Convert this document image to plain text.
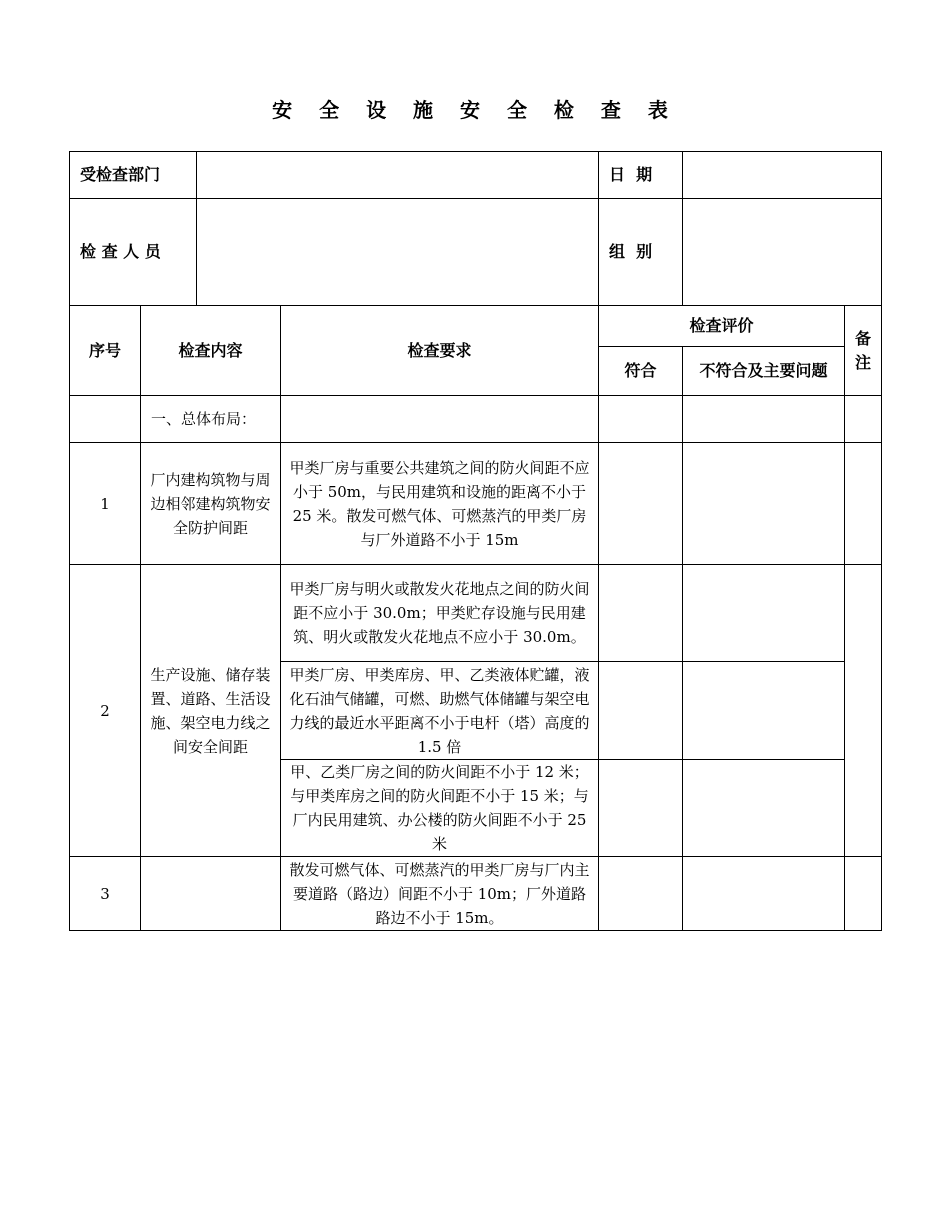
安 全 设 施 安 全 检 查 表
受检查部门		日  期	
检 查 人 员		组  别	
序号	检查内容	检查要求	检查评价		备注
			符合	不符合及主要问题	
	一、总体布局：				
1	厂内建构筑物与周边相邻建构筑物安全防护间距	甲类厂房与重要公共建筑之间的防火间距不应小于 50m，与民用建筑和设施的距离不小于 25 米。散发可燃气体、可燃蒸汽的甲类厂房与厂外道路不小于 15m			
2	生产设施、储存装置、道路、生活设施、架空电力线之间安全间距	甲类厂房与明火或散发火花地点之间的防火间距不应小于 30.0m；甲类贮存设施与民用建筑、明火或散发火花地点不应小于 30.0m。			
		甲类厂房、甲类库房、甲、乙类液体贮罐，液化石油气储罐，可燃、助燃气体储罐与架空电力线的最近水平距离不小于电杆（塔）高度的 1.5 倍			
		甲、乙类厂房之间的防火间距不小于 12 米；与甲类库房之间的防火间距不小于 15 米；与厂内民用建筑、办公楼的防火间距不小于 25 米			
3		散发可燃气体、可燃蒸汽的甲类厂房与厂内主要道路（路边）间距不小于 10m；厂外道路路边不小于 15m。			
